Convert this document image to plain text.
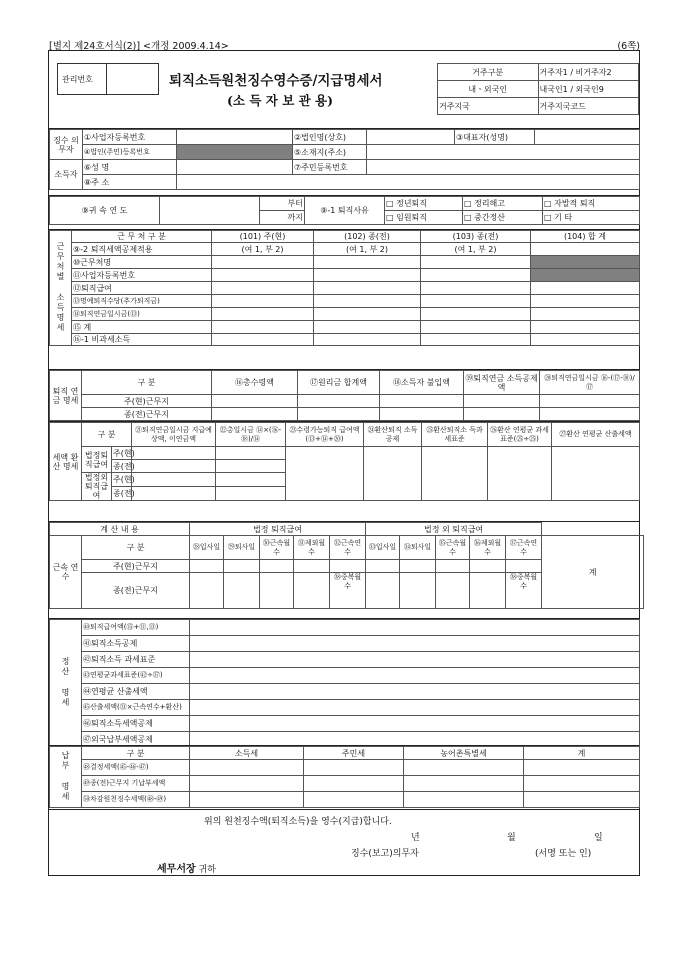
[별지 제24호서식(2)] <개정 2009.4.14>	(6쪽)
관리번호	퇴직소득원천징수영수증/지급명세서
(소 득 자 보 관 용)
거주구분	거주자1 / 비거주자2
내ㆍ외국인	내국인1 / 외국인9
거주지국	거주지국코드
징수 의무자	①사업자등록번호		②법인명(상호)		③대표자(성명)	
	④법인(주민)등록번호		⑤소재지(주소)			
소득자	⑥성 명		⑦주민등록번호			
	⑧주 소					
⑨귀 속 연 도		부터	⑨-1 퇴직사유	□ 정년퇴직	□ 정리해고	□ 자발적 퇴직
		까지		□ 임원퇴직	□ 중간정산	□ 기 타
근무처별 소득명세	근 무 처 구 분	(101) 주(현)	(102) 종(전)	(103) 종(전)	(104) 합 계
	⑨-2 퇴직세액공제적용	(여 1, 부 2)	(여 1, 부 2)	(여 1, 부 2)	
	⑩근무처명				
	⑪사업자등록번호				
	⑫퇴직급여				
	⑬명예퇴직수당(추가퇴직금)				
	⑭퇴직연금일시금(⑬)				
	⑮ 계				
	⑯-1 비과세소득				
퇴직 연금 명세	구 분	⑯총수령액	⑰원리금 합계액	⑱소득자 불입액	⑲퇴직연금 소득공제액	⑳퇴직연금일시금 ⑯-(⑰-⑱)/⑰
	주(현)근무지					
	종(전)근무지					
세액 환산 명세	구 분		㉑퇴직연금일시금 지급예상액, 이연금액	㉒총일시금 ⑭×(⑯-⑱)/⑭	㉓수령가능퇴직 급여액(⑬+⑭+⑳)	㉔환산퇴직 소득공제	㉕환산퇴직소 득과세표준	㉖환산 연평균 과세표준(㉕÷㉕)	㉗환산 연평균 산출세액
	법정퇴직급여	주(현)							
		종(전)							
	법정외 퇴직급여	주(현)							
		종(전)							
계 산 내 용		법정 퇴직급여					법정 외 퇴직급여					
근속 연수	구 분	㉘입사일	㉙퇴사일	㉚근속월수	㉛제외월수	㉜근속연수	㉝입사일	㉞퇴사일	㉟근속월수	㊱제외월수	㊲근속연수	계
	주(현)근무지											
	종(전)근무지					㊳중복월수					㊳중복월수	
정산 명세	㊵퇴직급여액(⑮+⑪,⑬)	
	㊶퇴직소득공제	
	㊷퇴직소득 과세표준	
	㊸연평균과세표준(㊷÷㊲)	
	㊹연평균 산출세액	
	㊺산출세액(㉛×근속연수+환산)	
	㊻퇴직소득세액공제	
	㊼외국납부세액공제	
납부 명세	구 분	소득세	주민세	농어촌특별세	계
	㊽결정세액(㊺-㊻-㊼)				
	㊾종(전)근무지 기납부세액				
	㊿차감원천징수세액(㊽-㊾)				
위의 원천징수액(퇴직소득)을 영수(지급)합니다.
년	월	일
징수(보고)의무자	(서명 또는 인)
세무서장 귀하
